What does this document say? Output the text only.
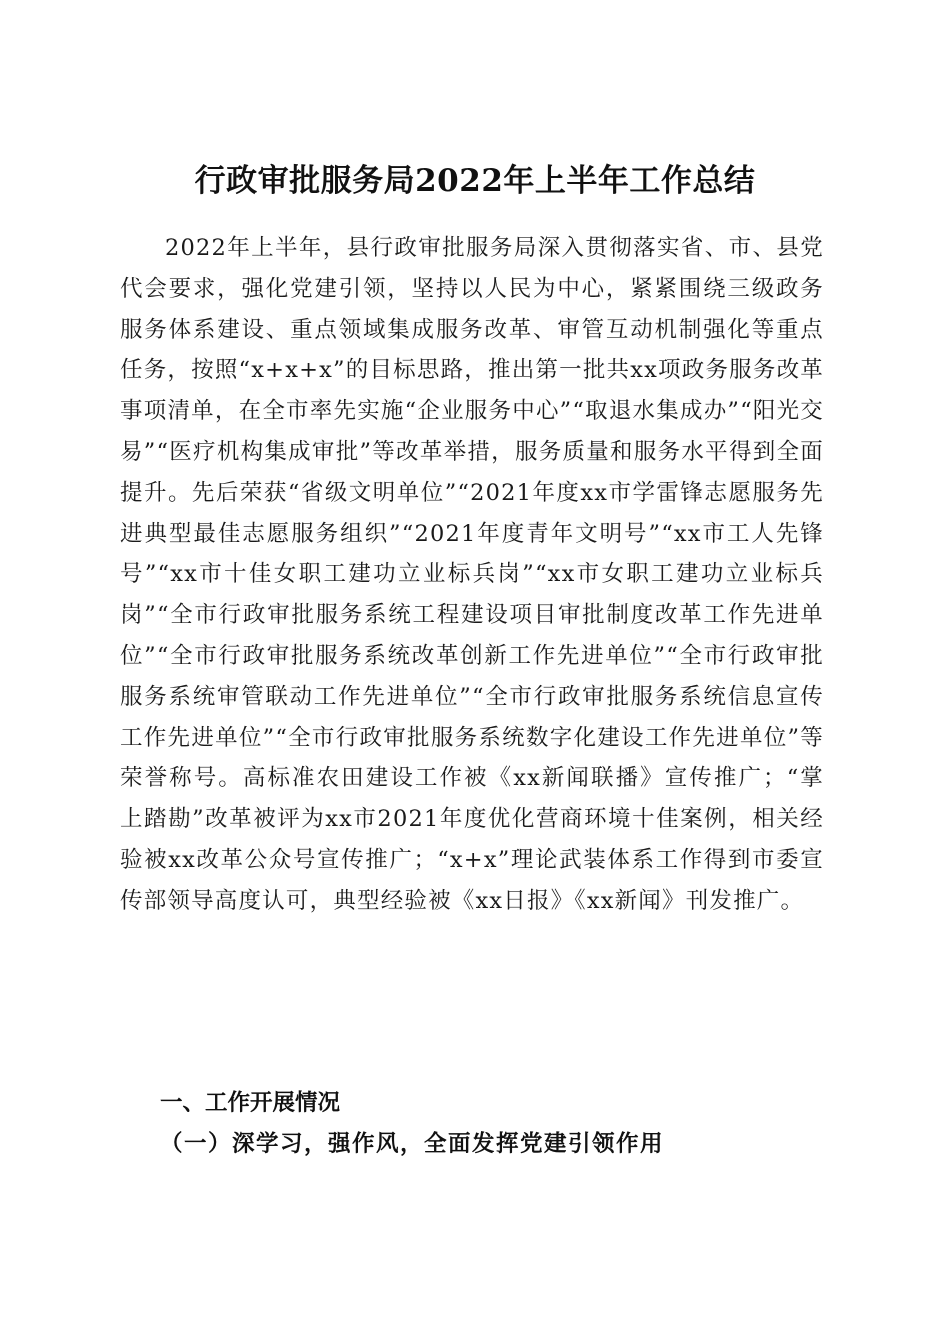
行政审批服务局2022年上半年工作总结

2022年上半年，县行政审批服务局深入贯彻落实省、市、县党代会要求，强化党建引领，坚持以人民为中心，紧紧围绕三级政务服务体系建设、重点领域集成服务改革、审管互动机制强化等重点任务，按照“x+x+x”的目标思路，推出第一批共xx项政务服务改革事项清单，在全市率先实施“企业服务中心”“取退水集成办”“阳光交易”“医疗机构集成审批”等改革举措，服务质量和服务水平得到全面提升。先后荣获“省级文明单位”“2021年度xx市学雷锋志愿服务先进典型最佳志愿服务组织”“2021年度青年文明号”“xx市工人先锋号”“xx市十佳女职工建功立业标兵岗”“xx市女职工建功立业标兵岗”“全市行政审批服务系统工程建设项目审批制度改革工作先进单位”“全市行政审批服务系统改革创新工作先进单位”“全市行政审批服务系统审管联动工作先进单位”“全市行政审批服务系统信息宣传工作先进单位”“全市行政审批服务系统数字化建设工作先进单位”等荣誉称号。高标准农田建设工作被《xx新闻联播》宣传推广；“掌上踏勘”改革被评为xx市2021年度优化营商环境十佳案例，相关经验被xx改革公众号宣传推广；“x+x”理论武装体系工作得到市委宣传部领导高度认可，典型经验被《xx日报》《xx新闻》刊发推广。

一、工作开展情况
（一）深学习，强作风，全面发挥党建引领作用
